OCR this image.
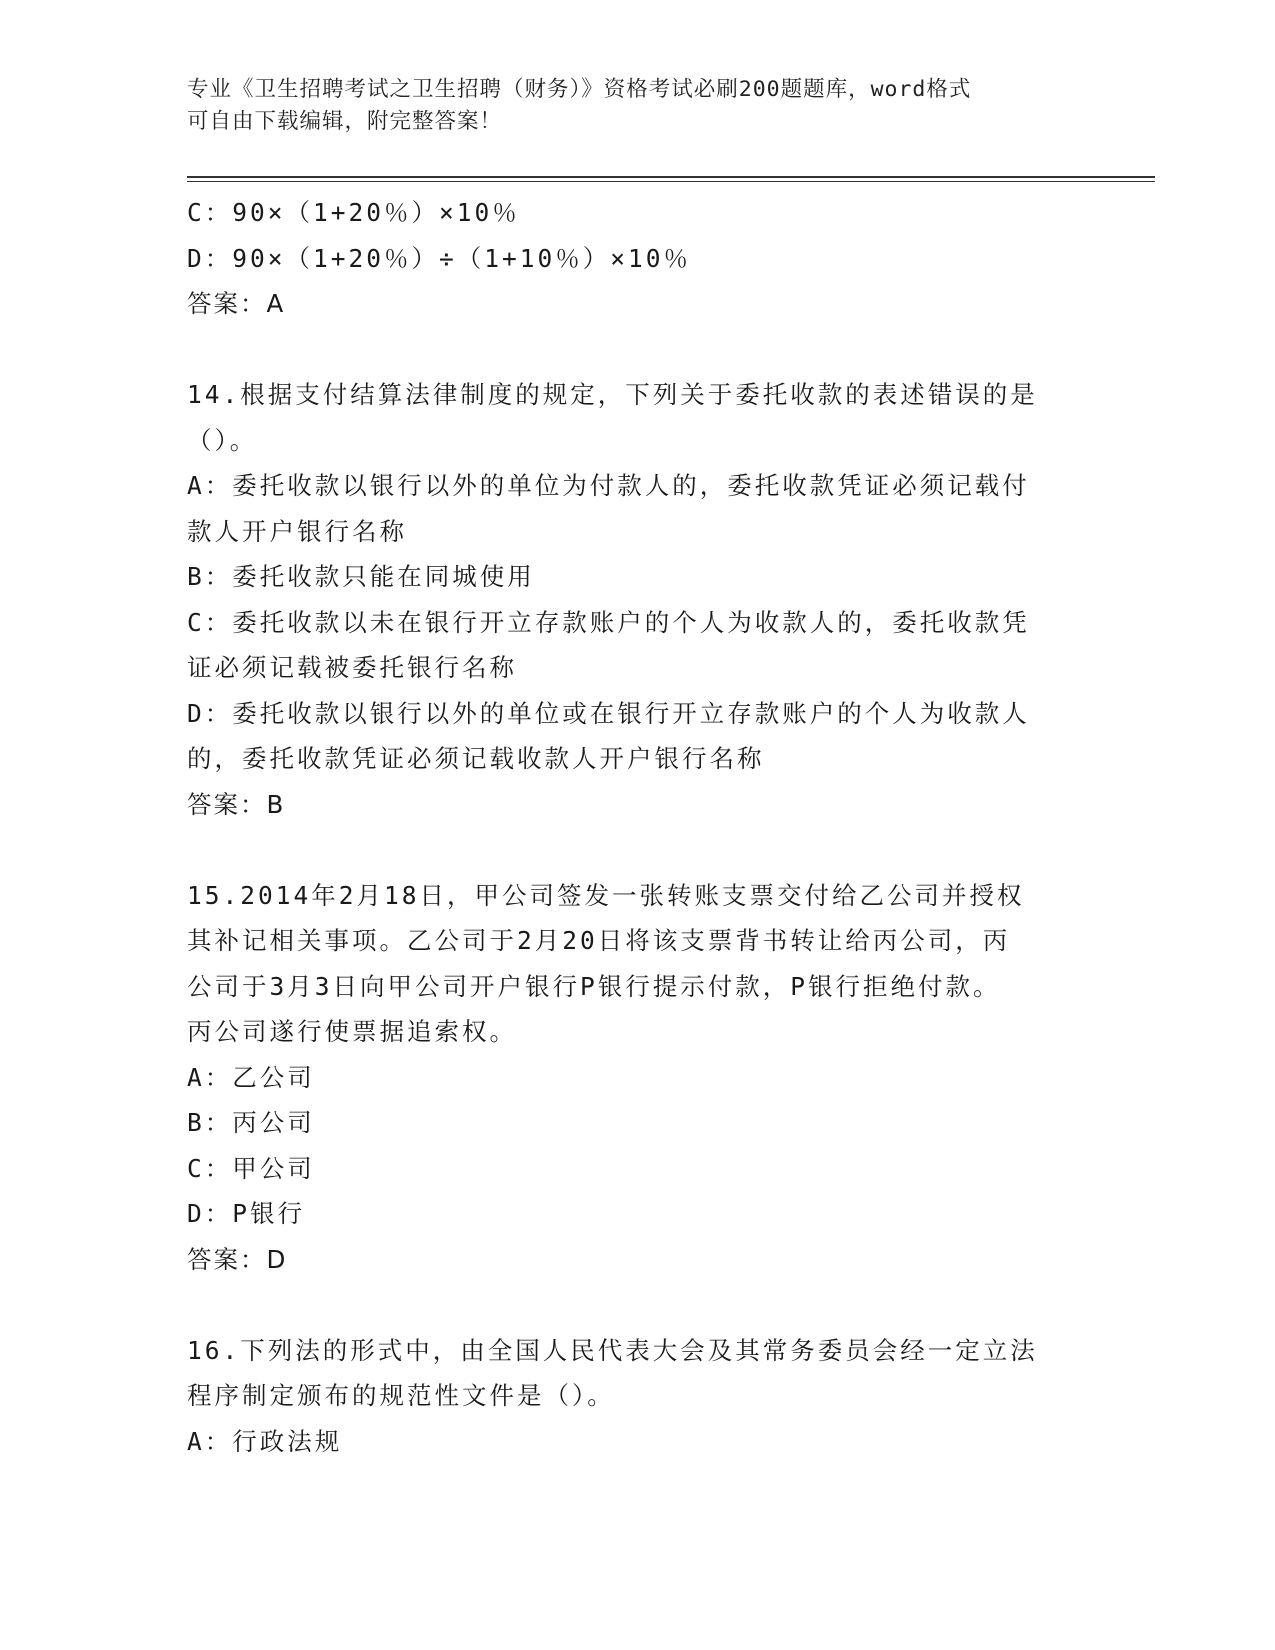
专业《卫生招聘考试之卫生招聘（财务）》资格考试必刷200题题库，word格式
可自由下载编辑，附完整答案！
C：90×（1+20％）×10％
D：90×（1+20％）÷（1+10％）×10％
答案：A
14.根据支付结算法律制度的规定，下列关于委托收款的表述错误的是
（）。
A：委托收款以银行以外的单位为付款人的，委托收款凭证必须记载付
款人开户银行名称
B：委托收款只能在同城使用
C：委托收款以未在银行开立存款账户的个人为收款人的，委托收款凭
证必须记载被委托银行名称
D：委托收款以银行以外的单位或在银行开立存款账户的个人为收款人
的，委托收款凭证必须记载收款人开户银行名称
答案：B
15.2014年2月18日，甲公司签发一张转账支票交付给乙公司并授权
其补记相关事项。乙公司于2月20日将该支票背书转让给丙公司，丙
公司于3月3日向甲公司开户银行P银行提示付款，P银行拒绝付款。
丙公司遂行使票据追索权。
A：乙公司
B：丙公司
C：甲公司
D：P银行
答案：D
16.下列法的形式中，由全国人民代表大会及其常务委员会经一定立法
程序制定颁布的规范性文件是（）。
A：行政法规
